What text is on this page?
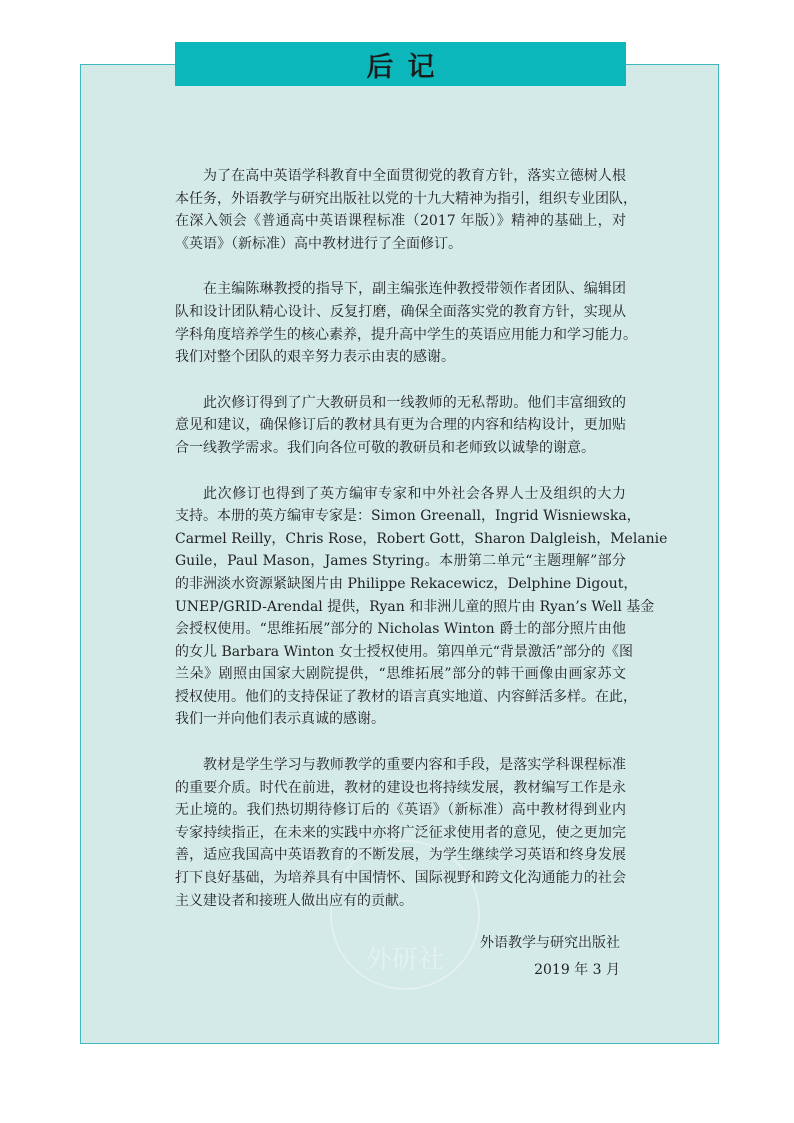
外研社
后记
为了在高中英语学科教育中全面贯彻党的教育方针，落实立德树人根
本任务，外语教学与研究出版社以党的十九大精神为指引，组织专业团队，
在深入领会《普通高中英语课程标准（2017 年版）》精神的基础上，对
《英语》（新标准）高中教材进行了全面修订。
在主编陈琳教授的指导下，副主编张连仲教授带领作者团队、编辑团
队和设计团队精心设计、反复打磨，确保全面落实党的教育方针，实现从
学科角度培养学生的核心素养，提升高中学生的英语应用能力和学习能力。
我们对整个团队的艰辛努力表示由衷的感谢。
此次修订得到了广大教研员和一线教师的无私帮助。他们丰富细致的
意见和建议，确保修订后的教材具有更为合理的内容和结构设计，更加贴
合一线教学需求。我们向各位可敬的教研员和老师致以诚挚的谢意。
此次修订也得到了英方编审专家和中外社会各界人士及组织的大力
支持。本册的英方编审专家是：Simon Greenall，Ingrid Wisniewska，
Carmel Reilly，Chris Rose，Robert Gott，Sharon Dalgleish，Melanie
Guile，Paul Mason，James Styring。本册第二单元“主题理解”部分
的非洲淡水资源紧缺图片由 Philippe Rekacewicz，Delphine Digout，
UNEP/GRID-Arendal 提供，Ryan 和非洲儿童的照片由 Ryan’s Well 基金
会授权使用。“思维拓展”部分的 Nicholas Winton 爵士的部分照片由他
的女儿 Barbara Winton 女士授权使用。第四单元“背景激活”部分的《图
兰朵》剧照由国家大剧院提供，“思维拓展”部分的韩干画像由画家苏文
授权使用。他们的支持保证了教材的语言真实地道、内容鲜活多样。在此，
我们一并向他们表示真诚的感谢。
教材是学生学习与教师教学的重要内容和手段，是落实学科课程标准
的重要介质。时代在前进，教材的建设也将持续发展，教材编写工作是永
无止境的。我们热切期待修订后的《英语》（新标准）高中教材得到业内
专家持续指正，在未来的实践中亦将广泛征求使用者的意见，使之更加完
善，适应我国高中英语教育的不断发展，为学生继续学习英语和终身发展
打下良好基础，为培养具有中国情怀、国际视野和跨文化沟通能力的社会
主义建设者和接班人做出应有的贡献。
外语教学与研究出版社
2019 年 3 月
